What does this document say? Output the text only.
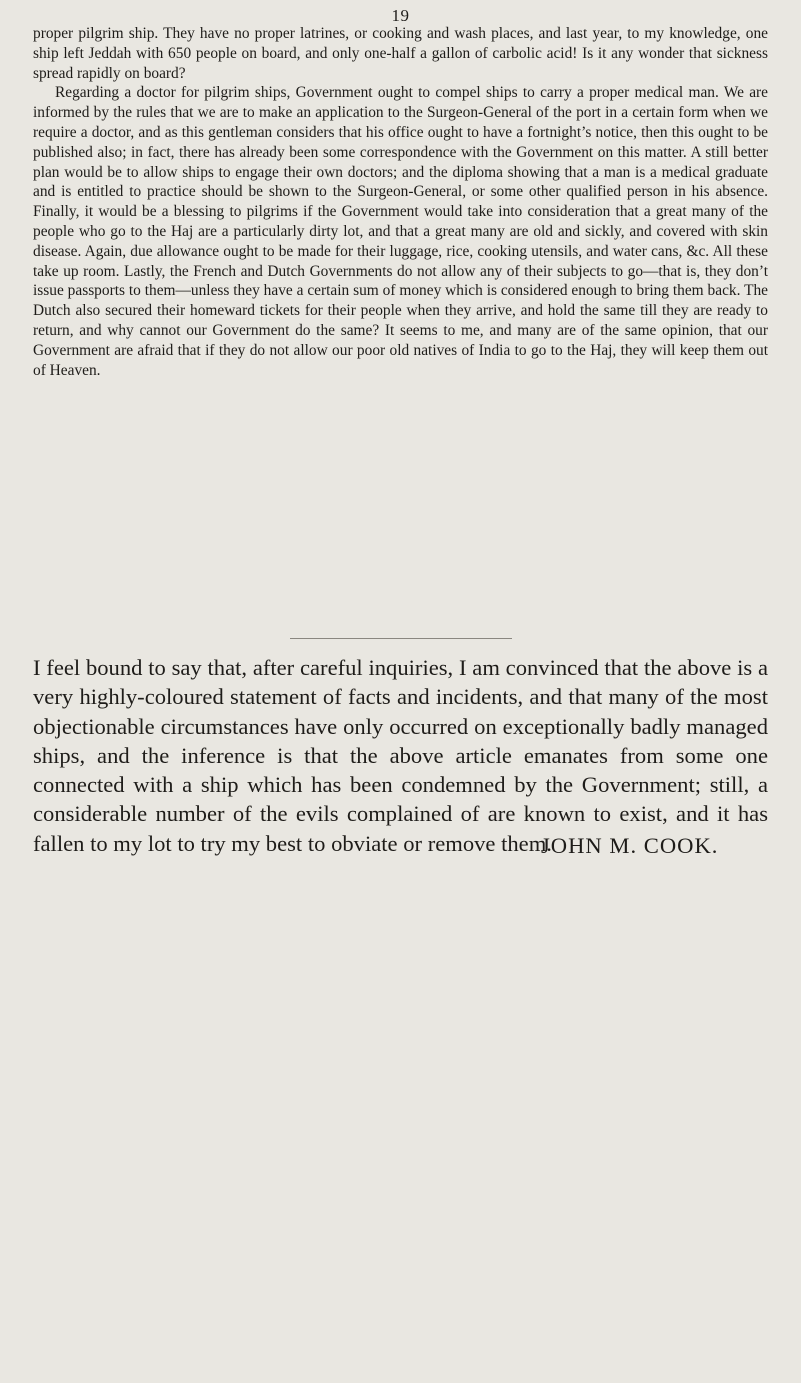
19

proper pilgrim ship. They have no proper latrines, or cooking and wash places, and last year, to my knowledge, one ship left Jeddah with 650 people on board, and only one-half a gallon of carbolic acid! Is it any wonder that sickness spread rapidly on board?

Regarding a doctor for pilgrim ships, Government ought to compel ships to carry a proper medical man. We are informed by the rules that we are to make an application to the Surgeon-General of the port in a certain form when we require a doctor, and as this gentleman considers that his office ought to have a fortnight’s notice, then this ought to be published also; in fact, there has already been some correspondence with the Government on this matter. A still better plan would be to allow ships to engage their own doctors; and the diploma showing that a man is a medical graduate and is entitled to practice should be shown to the Surgeon-General, or some other qualified person in his absence. Finally, it would be a blessing to pilgrims if the Government would take into consideration that a great many of the people who go to the Haj are a particularly dirty lot, and that a great many are old and sickly, and covered with skin disease. Again, due allowance ought to be made for their luggage, rice, cooking utensils, and water cans, &c. All these take up room. Lastly, the French and Dutch Governments do not allow any of their subjects to go—that is, they don’t issue passports to them—unless they have a certain sum of money which is considered enough to bring them back. The Dutch also secured their homeward tickets for their people when they arrive, and hold the same till they are ready to return, and why cannot our Government do the same? It seems to me, and many are of the same opinion, that our Government are afraid that if they do not allow our poor old natives of India to go to the Haj, they will keep them out of Heaven.

I feel bound to say that, after careful inquiries, I am convinced that the above is a very highly-coloured statement of facts and incidents, and that many of the most objectionable circumstances have only occurred on exceptionally badly managed ships, and the inference is that the above article emanates from some one connected with a ship which has been condemned by the Government; still, a considerable number of the evils complained of are known to exist, and it has fallen to my lot to try my best to obviate or remove them.

JOHN M. COOK.
